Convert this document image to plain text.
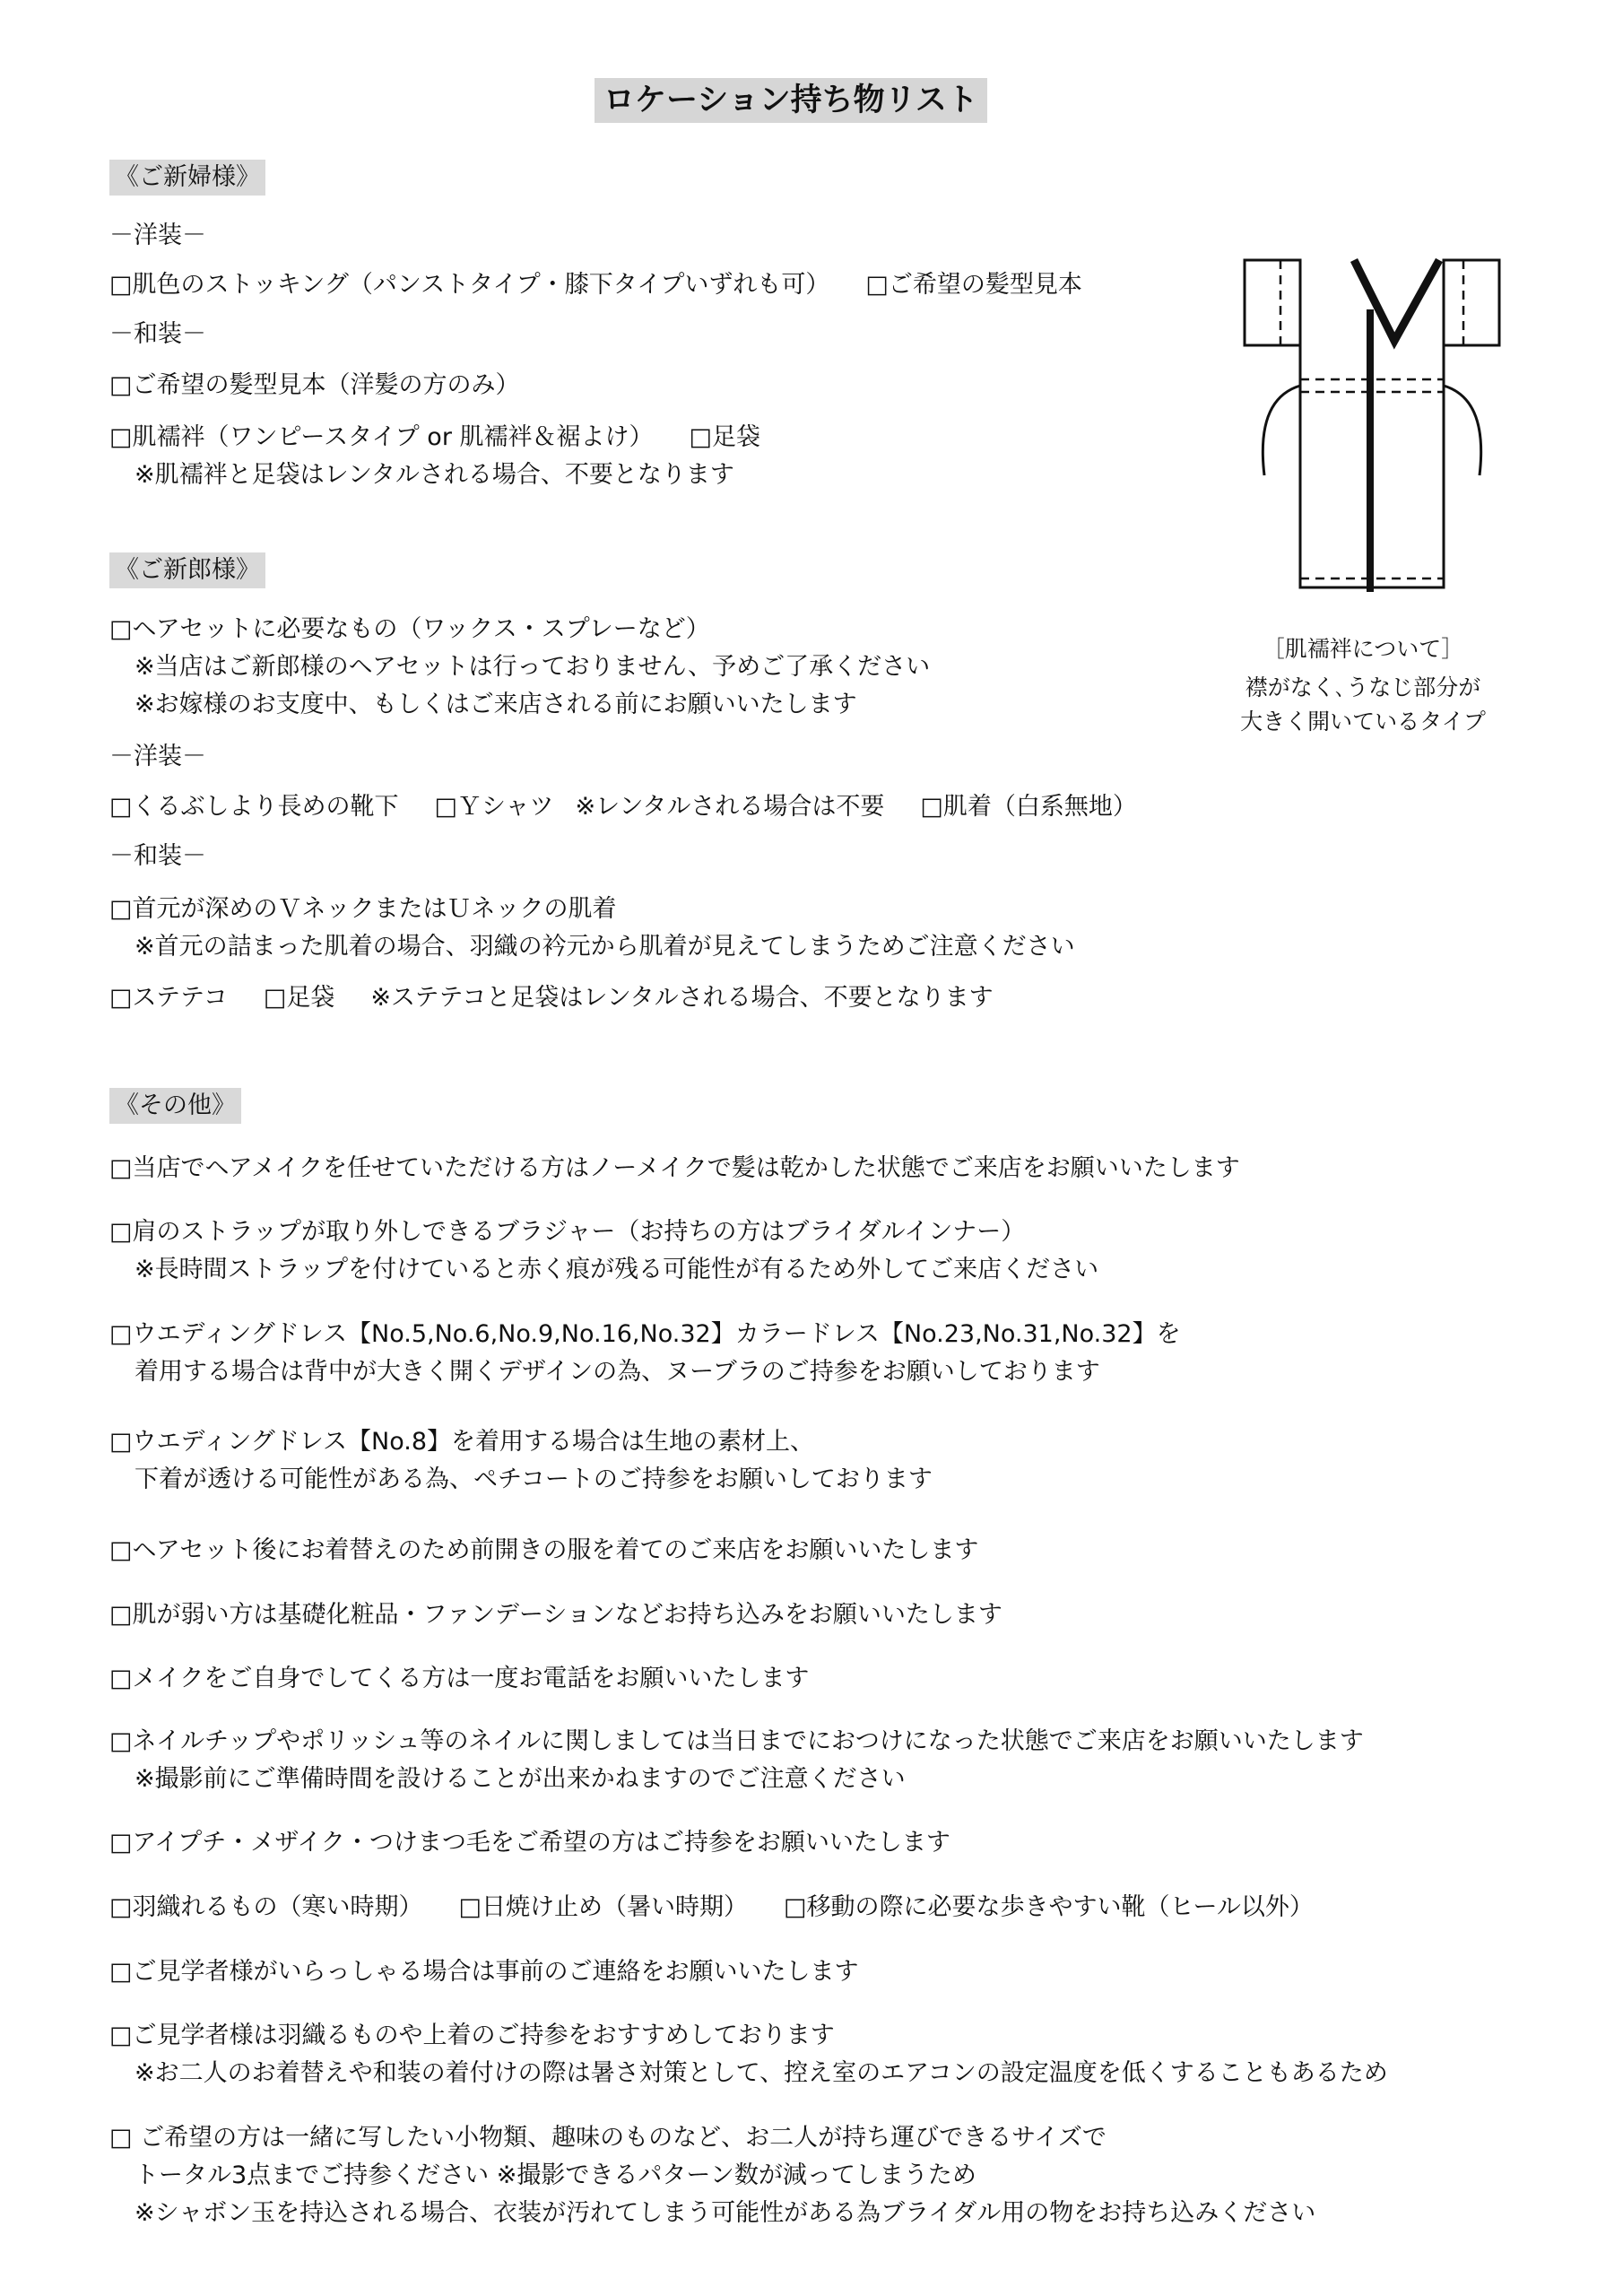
ロケーション持ち物リスト
《ご新婦様》
－洋装－
□肌色のストッキング（パンストタイプ・膝下タイプいずれも可） □ご希望の髪型見本
－和装－
□ご希望の髪型見本（洋髪の方のみ）
□肌襦袢（ワンピースタイプ or 肌襦袢＆裾よけ） □足袋
※肌襦袢と足袋はレンタルされる場合、不要となります
［肌襦袢について］
襟がなく､うなじ部分が
大きく開いているタイプ
《ご新郎様》
□ヘアセットに必要なもの（ワックス・スプレーなど）
※当店はご新郎様のヘアセットは行っておりません、予めご了承ください
※お嫁様のお支度中、もしくはご来店される前にお願いいたします
－洋装－
□くるぶしより長めの靴下 □Ｙシャツ ※レンタルされる場合は不要 □肌着（白系無地）
－和装－
□首元が深めのＶネックまたはＵネックの肌着
※首元の詰まった肌着の場合、羽織の衿元から肌着が見えてしまうためご注意ください
□ステテコ □足袋 ※ステテコと足袋はレンタルされる場合、不要となります
《その他》
□当店でヘアメイクを任せていただける方はノーメイクで髪は乾かした状態でご来店をお願いいたします
□肩のストラップが取り外しできるブラジャー（お持ちの方はブライダルインナー）
※長時間ストラップを付けていると赤く痕が残る可能性が有るため外してご来店ください
□ウエディングドレス【No.5,No.6,No.9,No.16,No.32】カラードレス【No.23,No.31,No.32】を
着用する場合は背中が大きく開くデザインの為、ヌーブラのご持参をお願いしております
□ウエディングドレス【No.8】を着用する場合は生地の素材上、
下着が透ける可能性がある為、ペチコートのご持参をお願いしております
□ヘアセット後にお着替えのため前開きの服を着てのご来店をお願いいたします
□肌が弱い方は基礎化粧品・ファンデーションなどお持ち込みをお願いいたします
□メイクをご自身でしてくる方は一度お電話をお願いいたします
□ネイルチップやポリッシュ等のネイルに関しましては当日までにおつけになった状態でご来店をお願いいたします
※撮影前にご準備時間を設けることが出来かねますのでご注意ください
□アイプチ・メザイク・つけまつ毛をご希望の方はご持参をお願いいたします
□羽織れるもの（寒い時期） □日焼け止め（暑い時期） □移動の際に必要な歩きやすい靴（ヒール以外）
□ご見学者様がいらっしゃる場合は事前のご連絡をお願いいたします
□ご見学者様は羽織るものや上着のご持参をおすすめしております
※お二人のお着替えや和装の着付けの際は暑さ対策として、控え室のエアコンの設定温度を低くすることもあるため
□ ご希望の方は一緒に写したい小物類、趣味のものなど、お二人が持ち運びできるサイズで
トータル3点までご持参ください ※撮影できるパターン数が減ってしまうため
※シャボン玉を持込される場合、衣装が汚れてしまう可能性がある為ブライダル用の物をお持ち込みください
